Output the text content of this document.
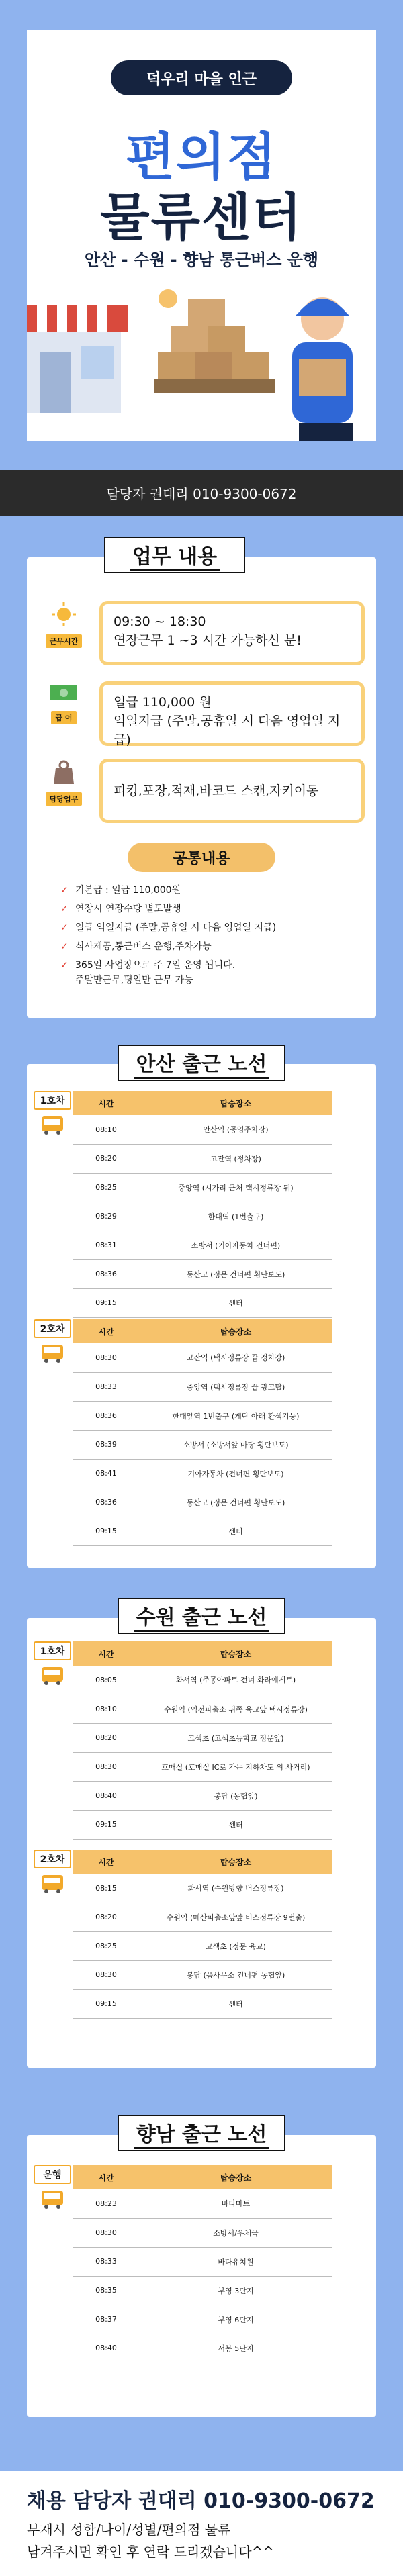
덕우리 마을 인근
편의점
물류센터
안산 - 수원 - 향남 통근버스 운행
담당자 권대리 010-9300-0672
업무 내용
근무시간
09:30 ~ 18:30
연장근무 1 ~3 시간 가능하신 분!
급 여
일급 110,000 원
익일지급 (주말,공휴일 시 다음 영업일 지급)
담당업무
피킹,포장,적재,바코드 스캔,자키이동
공통내용
✓ 기본급 : 일급 110,000원
✓ 연장시 연장수당 별도발생
✓ 일급 익일지급 (주말,공휴일 시 다음 영업일 지급)
✓ 식사제공,통근버스 운행,주차가능
✓ 365일 사업장으로 주 7일 운영 됩니다.
주말만근무,평일만 근무 가능
안산 출근 노선
1호차	시간	탑승장소
08:10	안산역 (공영주차장)
08:20	고잔역 (정차장)
08:25	중앙역 (시가리 근처 택시정류장 뒤)
08:29	한대역 (1번출구)
08:31	소방서 (기아자동차 건너편)
08:36	동산고 (정문 건너편 횡단보도)
09:15	센터
2호차	시간	탑승장소
08:30	고잔역 (택시정류장 끝 정차장)
08:33	중앙역 (택시정류장 끝 광고탑)
08:36	한대앞역 1번출구 (게단 아래 환색기둥)
08:39	소방서 (소방서앞 마당 횡단보도)
08:41	기아자동차 (건너편 횡단보도)
08:36	동산고 (정문 건너편 횡단보도)
09:15	센터
수원 출근 노선
1호차	시간	탑승장소
08:05	화서역 (주공아파트 건너 화라예게트)
08:10	수원역 (역전파출소 뒤쪽 육교앞 택시정류장)
08:20	고색초 (고색초등학교 정문앞)
08:30	호매실 (호매실 IC로 가는 지하차도 위 사거리)
08:40	봉담 (농협앞)
09:15	센터
2호차	시간	탑승장소
08:15	화서역 (수원방향 버스정류장)
08:20	수원역 (매산파출소앞앞 버스정류장 9번출)
08:25	고색초 (정문 육교)
08:30	봉담 (읍사무소 건너편 농협앞)
09:15	센터
향남 출근 노선
운행	시간	탑승장소
08:23	바다마트
08:30	소방서/우체국
08:33	바다유치원
08:35	부영 3단지
08:37	부영 6단지
08:40	서봉 5단지
채용 담당자 권대리 010-9300-0672
부재시 성함/나이/성별/편의점 물류
남겨주시면 확인 후 연락 드리겠습니다^^
